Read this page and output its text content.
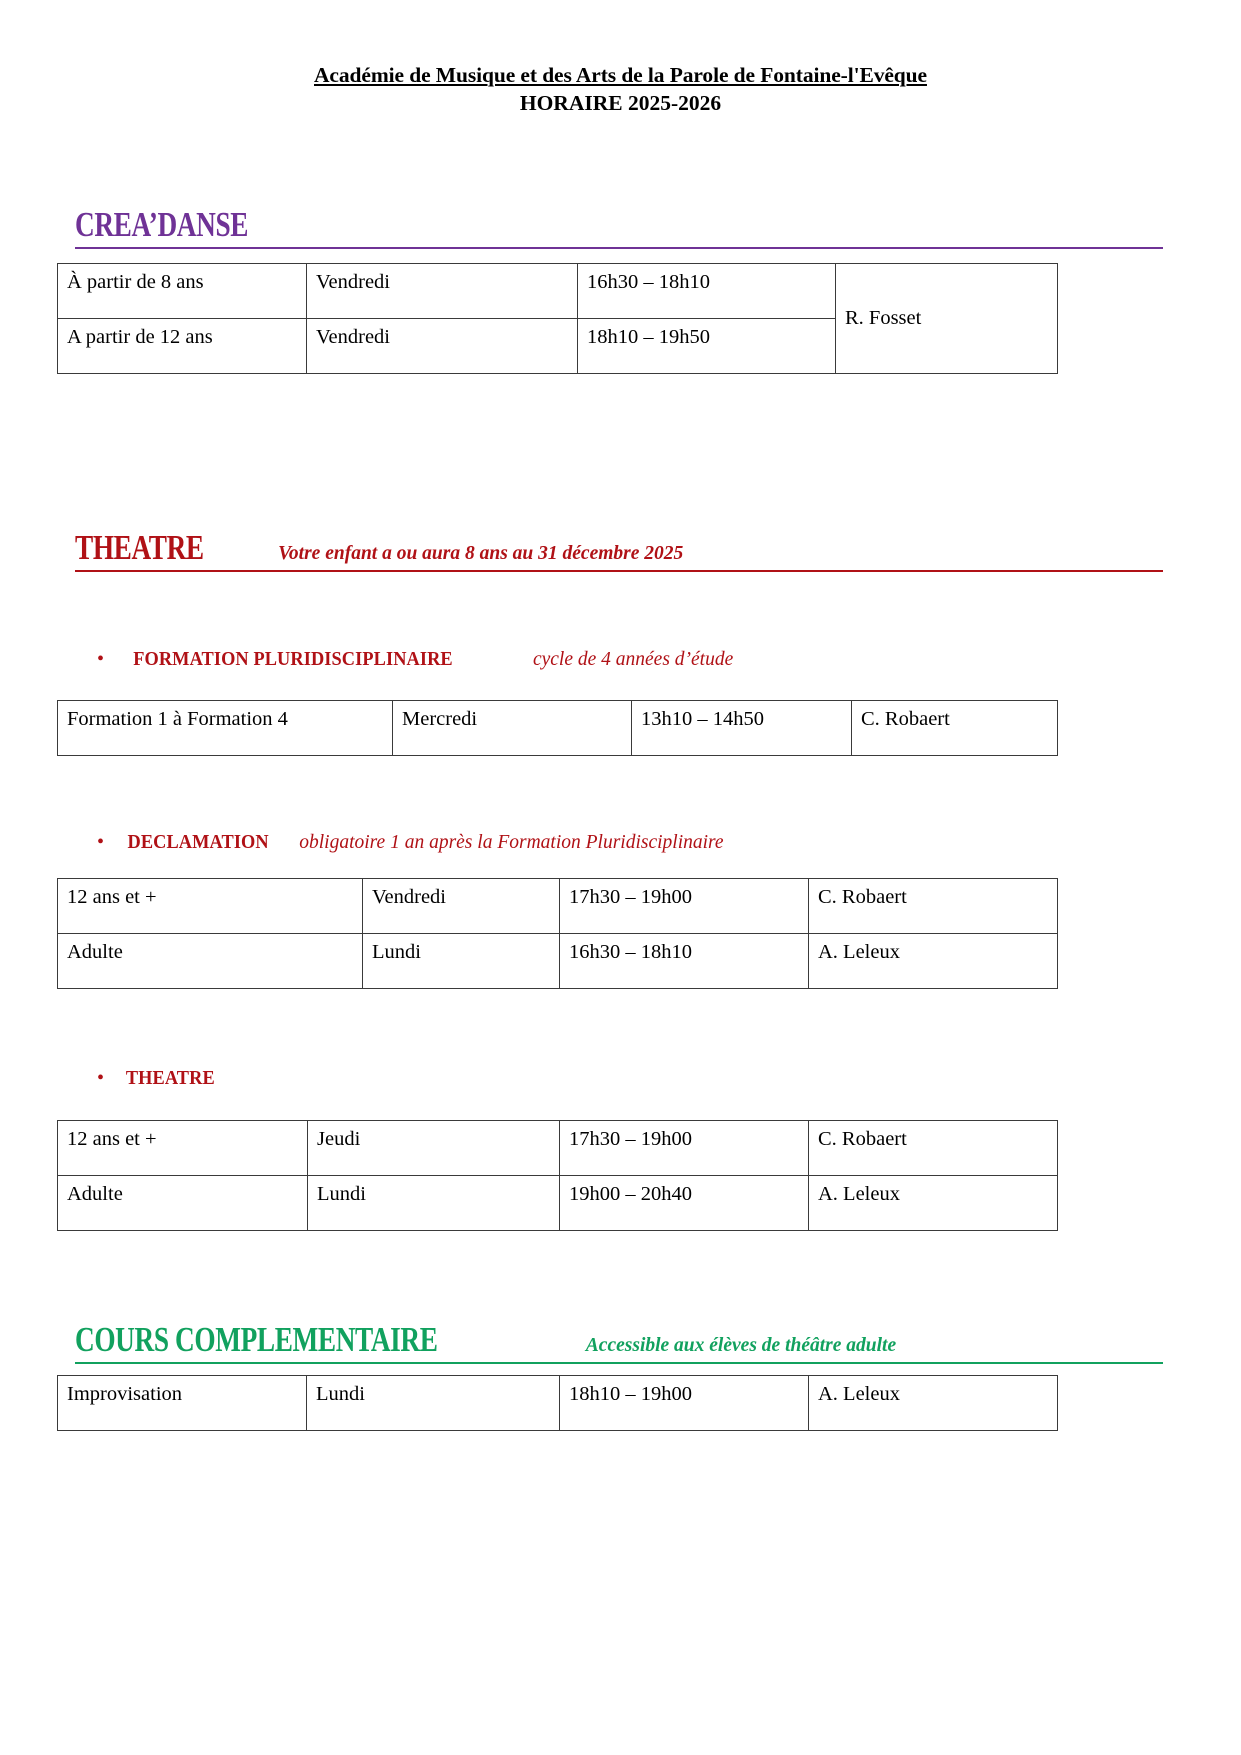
Académie de Musique et des Arts de la Parole de Fontaine-l'Evêque
HORAIRE 2025-2026
CREA’DANSE
À partir de 8 ans	Vendredi	16h30 – 18h10	R. Fosset
A partir de 12 ans	Vendredi	18h10 – 19h50	
THEATRE	Votre enfant a ou aura 8 ans au 31 décembre 2025
•	FORMATION PLURIDISCIPLINAIRE	cycle de 4 années d’étude
Formation 1 à Formation 4	Mercredi	13h10 – 14h50	C. Robaert
•	DECLAMATION obligatoire 1 an après la Formation Pluridisciplinaire
12 ans et +	Vendredi	17h30 – 19h00	C. Robaert
Adulte	Lundi	16h30 – 18h10	A. Leleux
•	THEATRE
12 ans et +	Jeudi	17h30 – 19h00	C. Robaert
Adulte	Lundi	19h00 – 20h40	A. Leleux
COURS COMPLEMENTAIRE	Accessible aux élèves de théâtre adulte
Improvisation	Lundi	18h10 – 19h00	A. Leleux
